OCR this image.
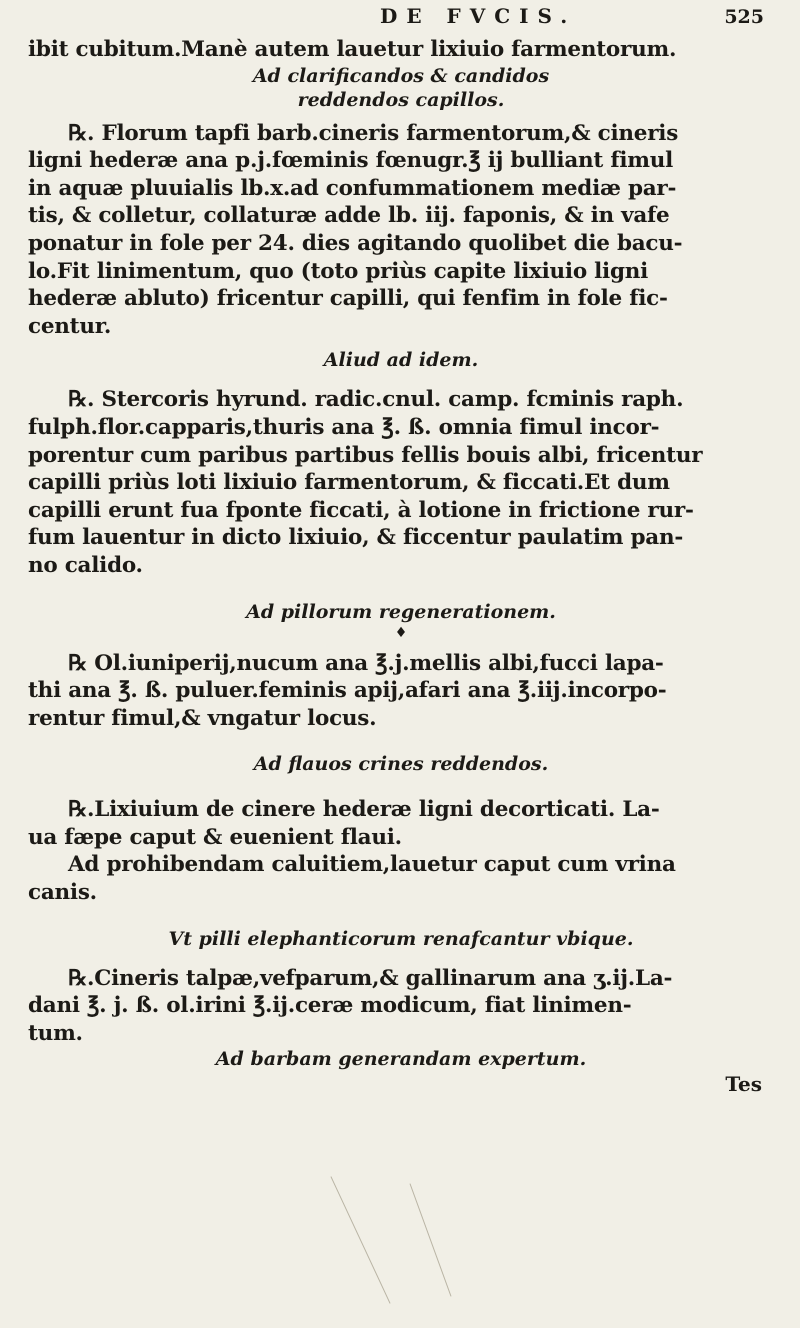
DE FVCIS.	525
ibit cubitum.Manè autem lauetur lixiuio farmentorum.
Ad clarificandos & candidos
reddendos capillos.
℞. Florum tapfi barb.cineris farmentorum,& cineris
ligni hederæ ana p.j.fœminis fœnugr.℥ ij bulliant fimul
in aquæ pluuialis lb.x.ad confummationem mediæ par-
tis, & colletur, collaturæ adde lb. iij. faponis, & in vafe
ponatur in fole per 24. dies agitando quolibet die bacu-
lo.Fit linimentum, quo (toto priùs capite lixiuio ligni
hederæ abluto) fricentur capilli, qui fenfim in fole fic-
centur.
Aliud ad idem.
℞. Stercoris hyrund. radic.cnul. camp. fcminis raph.
fulph.flor.capparis,thuris ana ℥. ß. omnia fimul incor-
porentur cum paribus partibus fellis bouis albi, fricentur
capilli priùs loti lixiuio farmentorum, & ficcati.Et dum
capilli erunt fua fponte ficcati, à lotione in frictione rur-
fum lauentur in dicto lixiuio, & ficcentur paulatim pan-
no calido.
Ad pillorum regenerationem.
♦
℞ Ol.iuniperij,nucum ana ℥.j.mellis albi,fucci lapa-
thi ana ℥. ß. puluer.feminis apij,afari ana ℥.iij.incorpo-
rentur fimul,& vngatur locus.
Ad flauos crines reddendos.
℞.Lixiuium de cinere hederæ ligni decorticati. La-
ua fæpe caput & euenient flaui.
Ad prohibendam caluitiem,lauetur caput cum vrina
canis.
Vt pilli elephanticorum renafcantur vbique.
℞.Cineris talpæ,vefparum,& gallinarum ana ʒ.ij.La-
dani ℥. j. ß. ol.irini ℥.ij.ceræ modicum, fiat linimen-
tum.
Ad barbam generandam expertum.
Tes
